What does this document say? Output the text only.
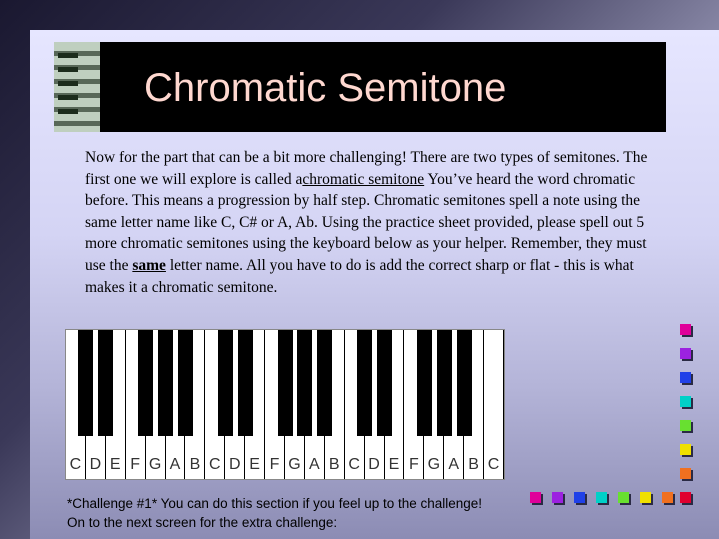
Chromatic Semitone
Now for the part that can be a bit more challenging! There are two types of semitones. The first one we will explore is called achromatic semitone You’ve heard the word chromatic before. This means a progression by half step. Chromatic semitones spell a note using the same letter name like C, C# or A, Ab. Using the practice sheet provided, please spell out 5 more chromatic semitones using the keyboard below as your helper. Remember, they must use the same letter name. All you have to do is add the correct sharp or flat - this is what makes it a chromatic semitone.
C D E F G A B C D E F G A B C D E F G A B C
*Challenge #1* You can do this section if you feel up to the challenge! On to the next screen for the extra challenge:
